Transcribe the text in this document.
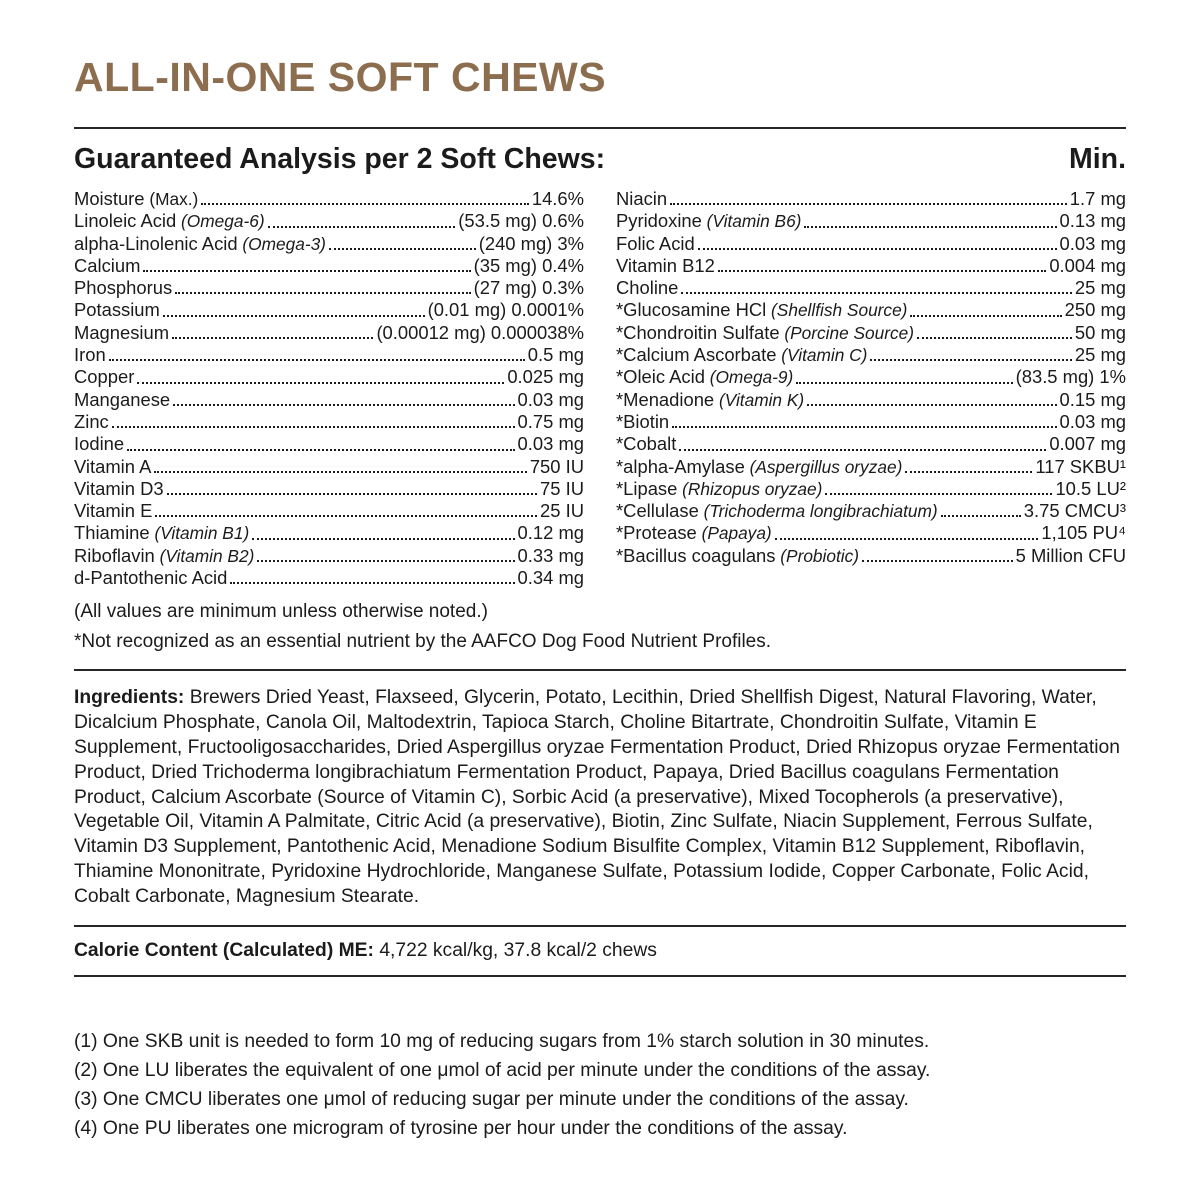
ALL-IN-ONE SOFT CHEWS
Guaranteed Analysis per 2 Soft Chews:	Min.
Moisture (Max.)	14.6%
Linoleic Acid (Omega-6)	(53.5 mg) 0.6%
alpha-Linolenic Acid (Omega-3)	(240 mg) 3%
Calcium	(35 mg) 0.4%
Phosphorus	(27 mg) 0.3%
Potassium	(0.01 mg) 0.0001%
Magnesium	(0.00012 mg) 0.000038%
Iron	0.5 mg
Copper	0.025 mg
Manganese	0.03 mg
Zinc	0.75 mg
Iodine	0.03 mg
Vitamin A	750 IU
Vitamin D3	75 IU
Vitamin E	25 IU
Thiamine (Vitamin B1)	0.12 mg
Riboflavin (Vitamin B2)	0.33 mg
d-Pantothenic Acid	0.34 mg
Niacin	1.7 mg
Pyridoxine (Vitamin B6)	0.13 mg
Folic Acid	0.03 mg
Vitamin B12	0.004 mg
Choline	25 mg
*Glucosamine HCl (Shellfish Source)	250 mg
*Chondroitin Sulfate (Porcine Source)	50 mg
*Calcium Ascorbate (Vitamin C)	25 mg
*Oleic Acid (Omega-9)	(83.5 mg) 1%
*Menadione (Vitamin K)	0.15 mg
*Biotin	0.03 mg
*Cobalt	0.007 mg
*alpha-Amylase (Aspergillus oryzae)	117 SKBU¹
*Lipase (Rhizopus oryzae)	10.5 LU²
*Cellulase (Trichoderma longibrachiatum)	3.75 CMCU³
*Protease (Papaya)	1,105 PU⁴
*Bacillus coagulans (Probiotic)	5 Million CFU
(All values are minimum unless otherwise noted.)
*Not recognized as an essential nutrient by the AAFCO Dog Food Nutrient Profiles.

Ingredients: Brewers Dried Yeast, Flaxseed, Glycerin, Potato, Lecithin, Dried Shellfish Digest, Natural Flavoring, Water, Dicalcium Phosphate, Canola Oil, Maltodextrin, Tapioca Starch, Choline Bitartrate, Chondroitin Sulfate, Vitamin E Supplement, Fructooligosaccharides, Dried Aspergillus oryzae Fermentation Product, Dried Rhizopus oryzae Fermentation Product, Dried Trichoderma longibrachiatum Fermentation Product, Papaya, Dried Bacillus coagulans Fermentation Product, Calcium Ascorbate (Source of Vitamin C), Sorbic Acid (a preservative), Mixed Tocopherols (a preservative), Vegetable Oil, Vitamin A Palmitate, Citric Acid (a preservative), Biotin, Zinc Sulfate, Niacin Supplement, Ferrous Sulfate, Vitamin D3 Supplement, Pantothenic Acid, Menadione Sodium Bisulfite Complex, Vitamin B12 Supplement, Riboflavin, Thiamine Mononitrate, Pyridoxine Hydrochloride, Manganese Sulfate, Potassium Iodide, Copper Carbonate, Folic Acid, Cobalt Carbonate, Magnesium Stearate.

Calorie Content (Calculated) ME: 4,722 kcal/kg, 37.8 kcal/2 chews

(1) One SKB unit is needed to form 10 mg of reducing sugars from 1% starch solution in 30 minutes.
(2) One LU liberates the equivalent of one μmol of acid per minute under the conditions of the assay.
(3) One CMCU liberates one μmol of reducing sugar per minute under the conditions of the assay.
(4) One PU liberates one microgram of tyrosine per hour under the conditions of the assay.
